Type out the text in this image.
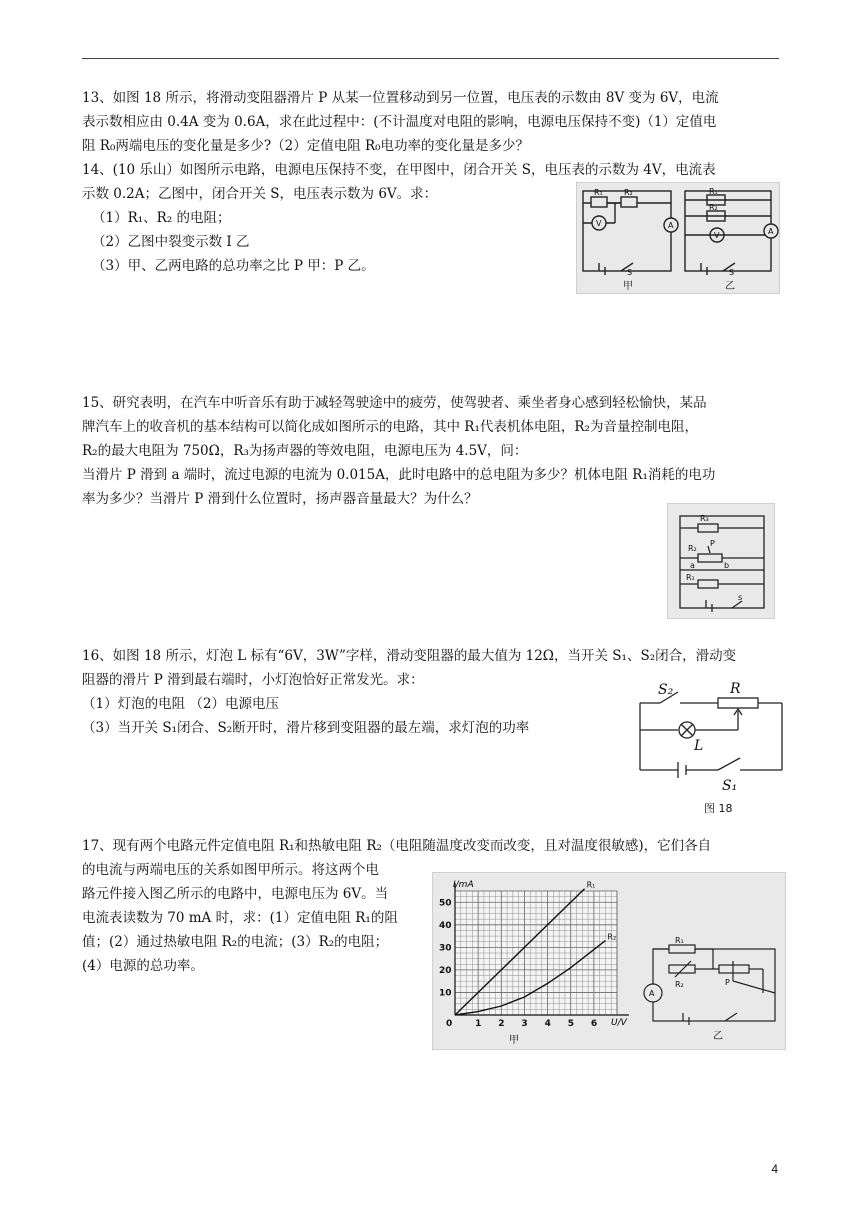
13、如图 18 所示，将滑动变阻器滑片 P 从某一位置移动到另一位置，电压表的示数由 8V 变为 6V，电流
表示数相应由 0.4A 变为 0.6A，求在此过程中：(不计温度对电阻的影响，电源电压保持不变)（1）定值电
阻 R₀两端电压的变化量是多少?（2）定值电阻 R₀电功率的变化量是多少？
14、(10 乐山）如图所示电路，电源电压保持不变，在甲图中，闭合开关 S，电压表的示数为 4V，电流表
示数 0.2A；乙图中，闭合开关 S，电压表示数为 6V。求：
（1）R₁、R₂ 的电阻；
（2）乙图中裂变示数 I 乙
（3）甲、乙两电路的总功率之比 P 甲：P 乙。
R₁	R₂
V	A
S
R₁
R₂
V	A
S
甲	乙
15、研究表明，在汽车中听音乐有助于减轻驾驶途中的疲劳，使驾驶者、乘坐者身心感到轻松愉快，某品
牌汽车上的收音机的基本结构可以简化成如图所示的电路，其中 R₁代表机体电阻，R₂为音量控制电阻，
R₂的最大电阻为 750Ω，R₃为扬声器的等效电阻，电源电压为 4.5V，问：
当滑片 P 滑到 a 端时，流过电源的电流为 0.015A，此时电路中的总电阻为多少？机体电阻 R₁消耗的电功
率为多少？当滑片 P 滑到什么位置时，扬声器音量最大？为什么？
R₃
R₂
P
a	b
R₁
s
16、如图 18 所示，灯泡 L 标有“6V，3W”字样，滑动变阻器的最大值为 12Ω，当开关 S₁、S₂闭合，滑动变
阻器的滑片 P 滑到最右端时，小灯泡恰好正常发光。求：
（1）灯泡的电阻 （2）电源电压
（3）当开关 S₁闭合、S₂断开时，滑片移到变阻器的最左端，求灯泡的功率
S₂	R
L
S₁
图 18
17、现有两个电路元件定值电阻 R₁和热敏电阻 R₂（电阻随温度改变而改变，且对温度很敏感)，它们各自
的电流与两端电压的关系如图甲所示。将这两个电
路元件接入图乙所示的电路中，电源电压为 6V。当
电流表读数为 70 mA 时，求：(1）定值电阻 R₁的阻
值；(2）通过热敏电阻 R₂的电流；(3）R₂的电阻；
(4）电源的总功率。
1 2 3 4 5 6
10
20
30
40
50
0
R₁
R₂
I/mA
U/V
甲
R₁
R₂	P
A
乙
4
